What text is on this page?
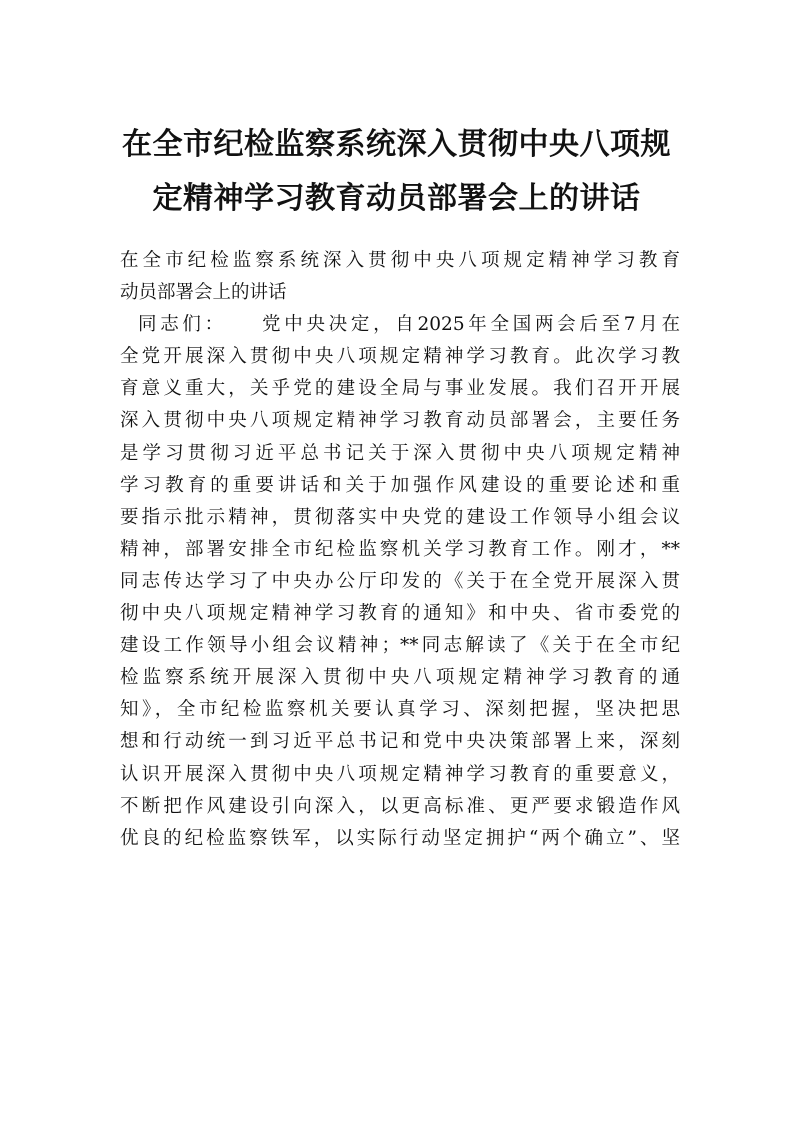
在全市纪检监察系统深入贯彻中央八项规
定精神学习教育动员部署会上的讲话
在全市纪检监察系统深入贯彻中央八项规定精神学习教育
动员部署会上的讲话
同志们：　　党中央决定，自2025年全国两会后至7月在
全党开展深入贯彻中央八项规定精神学习教育。此次学习教
育意义重大，关乎党的建设全局与事业发展。我们召开开展
深入贯彻中央八项规定精神学习教育动员部署会，主要任务
是学习贯彻习近平总书记关于深入贯彻中央八项规定精神
学习教育的重要讲话和关于加强作风建设的重要论述和重
要指示批示精神，贯彻落实中央党的建设工作领导小组会议
精神，部署安排全市纪检监察机关学习教育工作。刚才，**
同志传达学习了中央办公厅印发的《关于在全党开展深入贯
彻中央八项规定精神学习教育的通知》和中央、省市委党的
建设工作领导小组会议精神；**同志解读了《关于在全市纪
检监察系统开展深入贯彻中央八项规定精神学习教育的通
知》，全市纪检监察机关要认真学习、深刻把握，坚决把思
想和行动统一到习近平总书记和党中央决策部署上来，深刻
认识开展深入贯彻中央八项规定精神学习教育的重要意义，
不断把作风建设引向深入，以更高标准、更严要求锻造作风
优良的纪检监察铁军，以实际行动坚定拥护“两个确立”、坚
